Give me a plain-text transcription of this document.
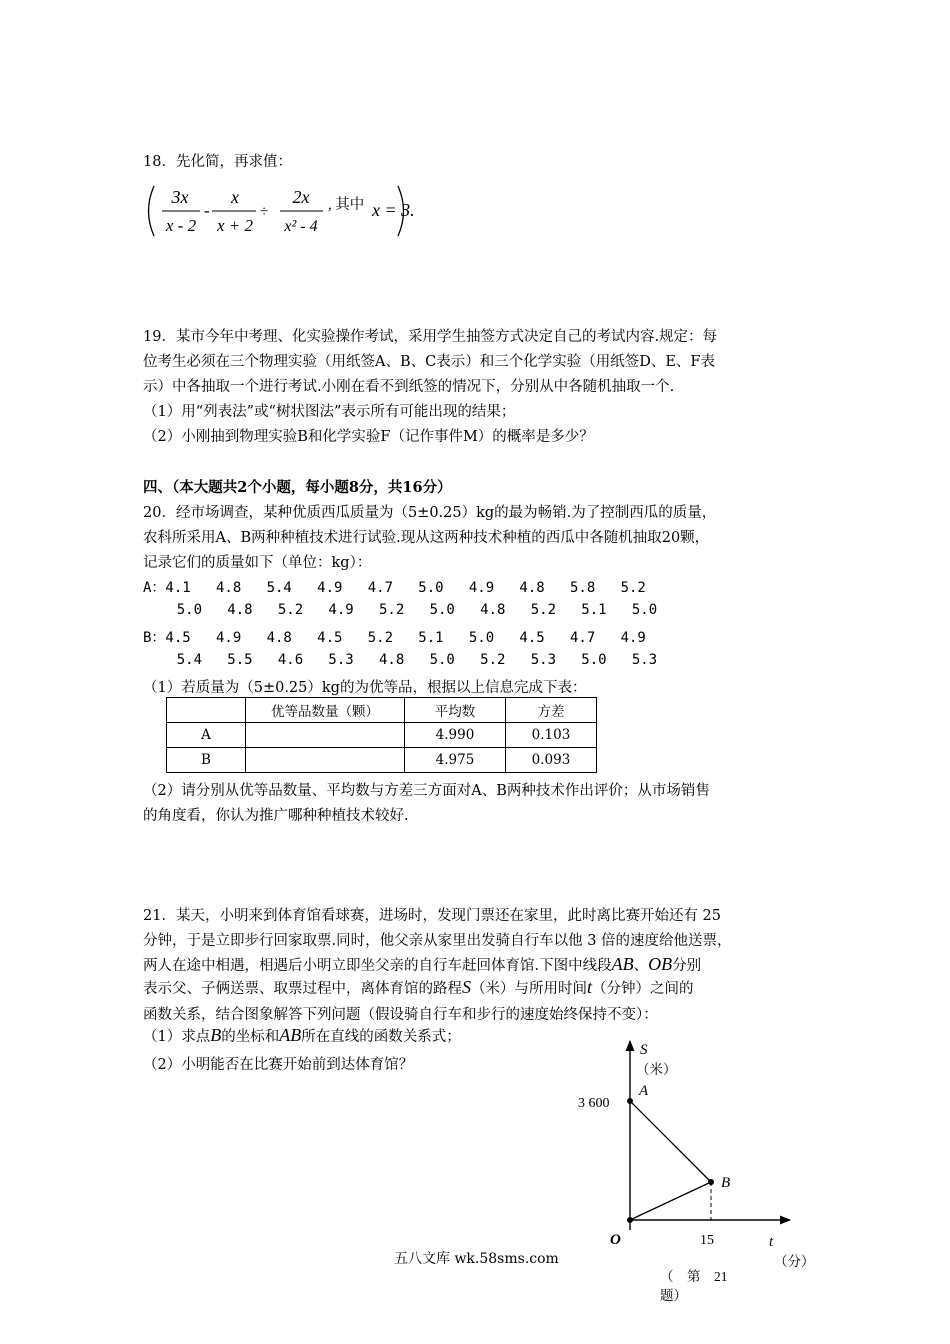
18．先化简，再求值：
3x
x - 2
-
x
x + 2
÷
2x
x² - 4
, 其中 x = 3.
19．某市今年中考理、化实验操作考试，采用学生抽签方式决定自己的考试内容.规定：每
位考生必须在三个物理实验（用纸签A、B、C表示）和三个化学实验（用纸签D、E、F表
示）中各抽取一个进行考试.小刚在看不到纸签的情况下，分别从中各随机抽取一个.
（1）用“列表法”或“树状图法”表示所有可能出现的结果；
（2）小刚抽到物理实验B和化学实验F（记作事件M）的概率是多少？
四、（本大题共2个小题，每小题8分，共16分）
20．经市场调查，某种优质西瓜质量为（5±0.25）kg的最为畅销.为了控制西瓜的质量，
农科所采用A、B两种种植技术进行试验.现从这两种技术种植的西瓜中各随机抽取20颗，
记录它们的质量如下（单位：kg）：
A：4.1   4.8   5.4   4.9   4.7   5.0   4.9   4.8   5.8   5.2
5.0   4.8   5.2   4.9   5.2   5.0   4.8   5.2   5.1   5.0
B：4.5   4.9   4.8   4.5   5.2   5.1   5.0   4.5   4.7   4.9
5.4   5.5   4.6   5.3   4.8   5.0   5.2   5.3   5.0   5.3
（1）若质量为（5±0.25）kg的为优等品，根据以上信息完成下表：
	优等品数量（颗）	平均数	方差
A		4.990	0.103
B		4.975	0.093
（2）请分别从优等品数量、平均数与方差三方面对A、B两种技术作出评价；从市场销售
的角度看，你认为推广哪种种植技术较好.
21．某天，小明来到体育馆看球赛，进场时，发现门票还在家里，此时离比赛开始还有 25
分钟，于是立即步行回家取票.同时，他父亲从家里出发骑自行车以他 3 倍的速度给他送票，
两人在途中相遇，相遇后小明立即坐父亲的自行车赶回体育馆.下图中线段AB、OB分别
表示父、子俩送票、取票过程中，离体育馆的路程S（米）与所用时间t（分钟）之间的
函数关系，结合图象解答下列问题（假设骑自行车和步行的速度始终保持不变）：
（1）求点B的坐标和AB所在直线的函数关系式；
（2）小明能否在比赛开始前到达体育馆？
S
（米）
3 600
A
B
O	15	t
（分）
（　第　21
题）
五八文库 wk.58sms.com
